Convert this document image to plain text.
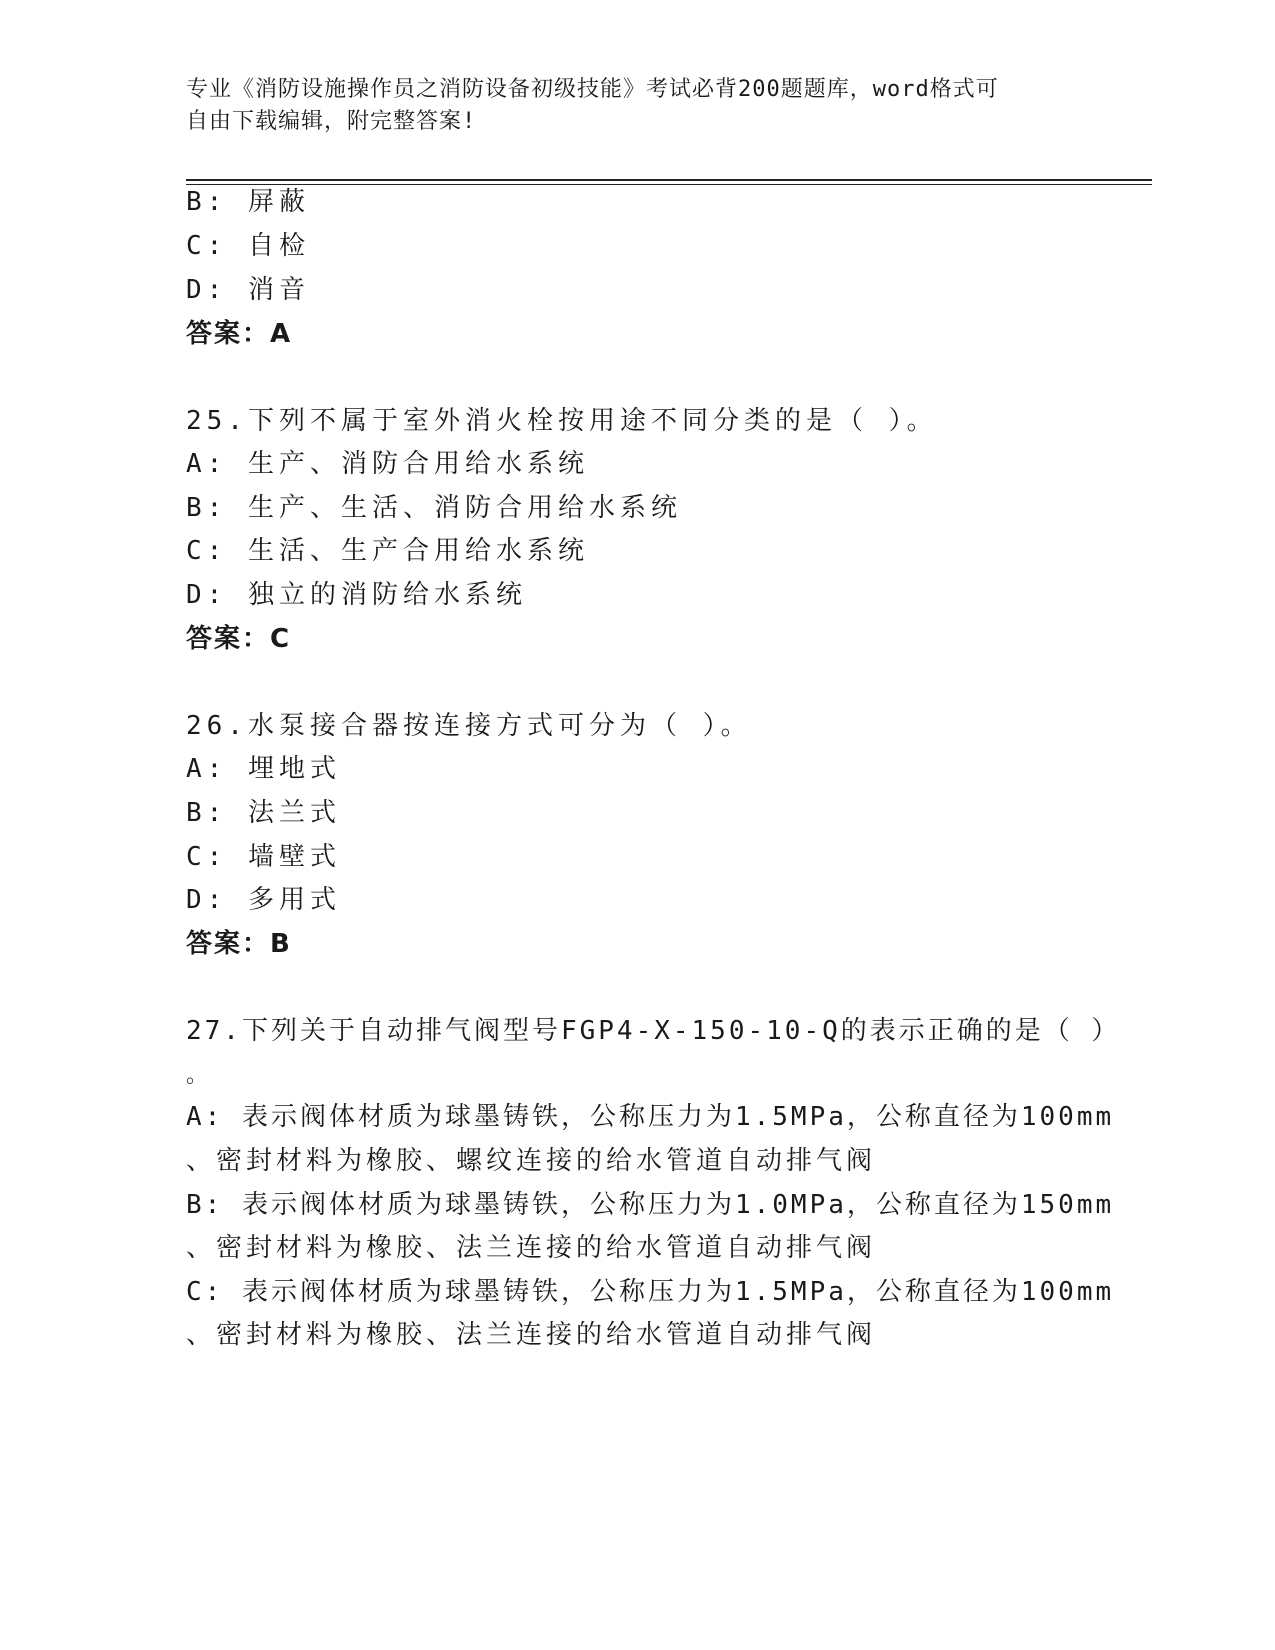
专业《消防设施操作员之消防设备初级技能》考试必背200题题库，word格式可
自由下载编辑，附完整答案!
B: 屏蔽
C: 自检
D: 消音
答案：A
25.下列不属于室外消火栓按用途不同分类的是（ ）。
A: 生产、消防合用给水系统
B: 生产、生活、消防合用给水系统
C: 生活、生产合用给水系统
D: 独立的消防给水系统
答案：C
26.水泵接合器按连接方式可分为（ ）。
A: 埋地式
B: 法兰式
C: 墙壁式
D: 多用式
答案：B
27.下列关于自动排气阀型号FGP4-X-150-10-Q的表示正确的是（ ）
。
A: 表示阀体材质为球墨铸铁，公称压力为1.5MPa，公称直径为100mm
、密封材料为橡胶、螺纹连接的给水管道自动排气阀
B: 表示阀体材质为球墨铸铁，公称压力为1.0MPa，公称直径为150mm
、密封材料为橡胶、法兰连接的给水管道自动排气阀
C: 表示阀体材质为球墨铸铁，公称压力为1.5MPa，公称直径为100mm
、密封材料为橡胶、法兰连接的给水管道自动排气阀
